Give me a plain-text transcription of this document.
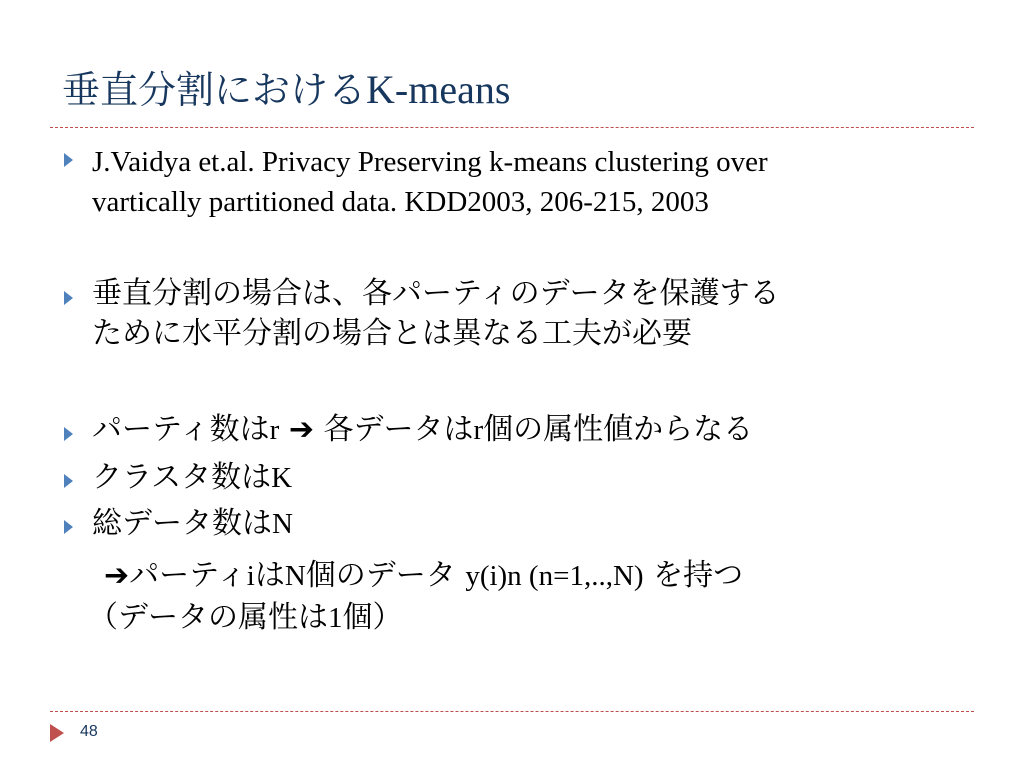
垂直分割におけるK-means
J.Vaidya et.al. Privacy Preserving k-means clustering over
vartically partitioned data. KDD2003, 206-215, 2003
垂直分割の場合は、各パーティのデータを保護する
ために水平分割の場合とは異なる工夫が必要
パーティ数はr ➔ 各データはr個の属性値からなる
クラスタ数はK
総データ数はN
➔パーティiはN個のデータ y(i)n (n=1,..,N) を持つ
（データの属性は1個）
48
